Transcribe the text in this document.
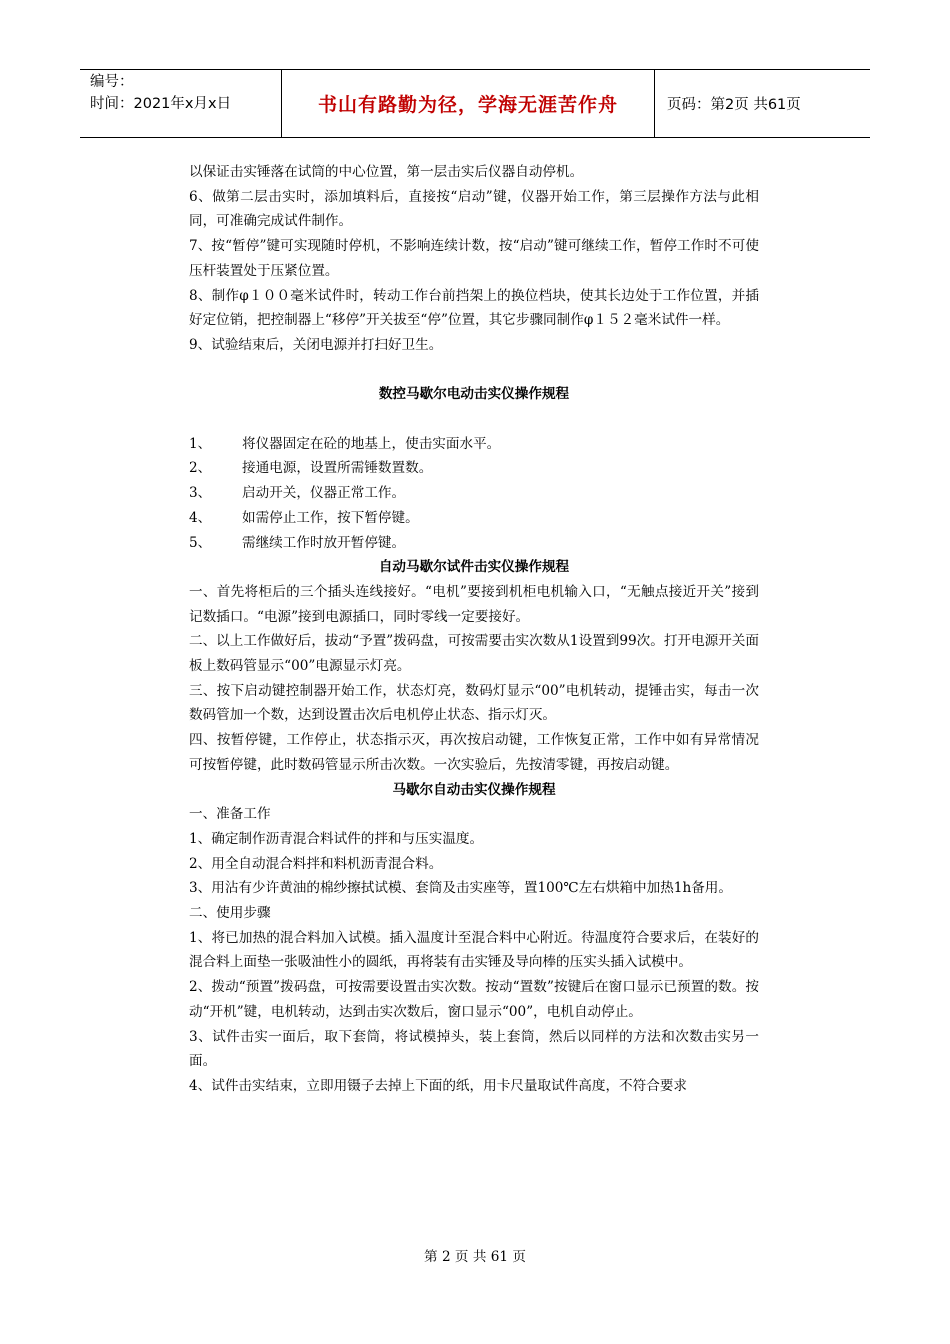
编号：
时间：2021年x月x日	书山有路勤为径，学海无涯苦作舟	页码：第2页 共61页

以保证击实锤落在试筒的中心位置，第一层击实后仪器自动停机。

6、做第二层击实时，添加填料后，直接按“启动”键，仪器开始工作，第三层操作方法与此相同，可准确完成试件制作。

7、按“暂停”键可实现随时停机，不影响连续计数，按“启动”键可继续工作，暂停工作时不可使压杆装置处于压紧位置。

8、制作φ１００毫米试件时，转动工作台前挡架上的换位档块，使其长边处于工作位置，并插好定位销，把控制器上“移停”开关拔至“停”位置，其它步骤同制作φ１５２毫米试件一样。

9、试验结束后，关闭电源并打扫好卫生。

数控马歇尔电动击实仪操作规程

1、	将仪器固定在砼的地基上，使击实面水平。

2、	接通电源，设置所需锤数置数。

3、	启动开关，仪器正常工作。

4、	如需停止工作，按下暂停键。

5、	需继续工作时放开暂停键。

自动马歇尔试件击实仪操作规程

一、首先将柜后的三个插头连线接好。“电机”要接到机柜电机输入口，“无触点接近开关”接到记数插口。“电源”接到电源插口，同时零线一定要接好。

二、以上工作做好后，拔动“予置”拨码盘，可按需要击实次数从1设置到99次。打开电源开关面板上数码管显示“00”电源显示灯亮。

三、按下启动键控制器开始工作，状态灯亮，数码灯显示“00”电机转动，提锤击实，每击一次数码管加一个数，达到设置击次后电机停止状态、指示灯灭。

四、按暂停键，工作停止，状态指示灭，再次按启动键，工作恢复正常，工作中如有异常情况可按暂停键，此时数码管显示所击次数。一次实验后，先按清零键，再按启动键。

马歇尔自动击实仪操作规程

一、准备工作

1、确定制作沥青混合料试件的拌和与压实温度。

2、用全自动混合料拌和料机沥青混合料。

3、用沾有少许黄油的棉纱擦拭试模、套筒及击实座等，置100℃左右烘箱中加热1h备用。

二、使用步骤

1、将已加热的混合料加入试模。插入温度计至混合料中心附近。待温度符合要求后，在装好的混合料上面垫一张吸油性小的圆纸，再将装有击实锤及导向棒的压实头插入试模中。

2、拨动“预置”拨码盘，可按需要设置击实次数。按动“置数”按键后在窗口显示已预置的数。按动“开机”键，电机转动，达到击实次数后，窗口显示“00”，电机自动停止。

3、试件击实一面后，取下套筒，将试模掉头，装上套筒，然后以同样的方法和次数击实另一面。

4、试件击实结束，立即用镊子去掉上下面的纸，用卡尺量取试件高度，不符合要求

第 2 页 共 61 页
